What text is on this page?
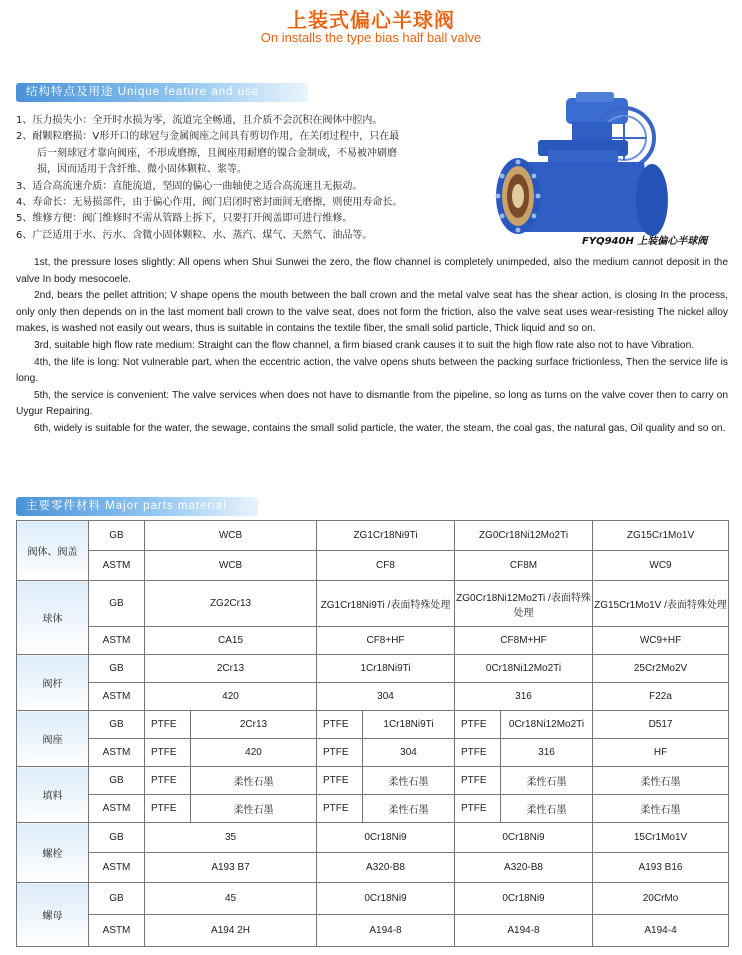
上装式偏心半球阀
On installs the type bias half ball valve
结构特点及用途 Unique feature and use
1、压力损失小：全开时水损为零，流道完全畅通，且介质不会沉积在阀体中腔内。
2、耐颗粒磨损：V形开口的球冠与金属阀座之间具有剪切作用，在关闭过程中，只在最
后一刻球冠才靠向阀座，不形成磨擦，且阀座用耐磨的镍合金制成，不易被冲刷磨
损，因而适用于含纤维、微小固体颗粒、浆等。
3、适合高流速介质：直能流道，坚固的偏心一曲轴使之适合高流速且无振动。
4、寿命长：无易损部件，由于偏心作用，阀门启闭时密封面间无磨擦，则使用寿命长。
5、维修方便：阀门维修时不需从管路上拆下，只要打开阀盖即可进行维修。
6、广泛适用于水、污水、含微小固体颗粒、水、蒸汽、煤气、天然气、油品等。
FYQ940H 上装偏心半球阀

1st, the pressure loses slightly: All opens when Shui Sunwei the zero, the flow channel is completely unimpeded, also the medium cannot deposit in the valve In body mesocoele.

2nd, bears the pellet attrition; V shape opens the mouth between the ball crown and the metal valve seat has the shear action, is closing In the process, only only then depends on in the last moment ball crown to the valve seat, does not form the friction, also the valve seat uses wear-resisting The nickel alloy makes, is washed not easily out wears, thus is suitable in contains the textile fiber, the small solid particle, Thick liquid and so on.

3rd, suitable high flow rate medium: Straight can the flow channel, a firm biased crank causes it to suit the high flow rate also not to have Vibration.

4th, the life is long: Not vulnerable part, when the eccentric action, the valve opens shuts between the packing surface frictionless, Then the service life is long.

5th, the service is convenient: The valve services when does not have to dismantle from the pipeline, so long as turns on the valve cover then to carry on Uygur Repairing.

6th, widely is suitable for the water, the sewage, contains the small solid particle, the water, the steam, the coal gas, the natural gas, Oil quality and so on.

主要零件材料 Major parts material
阀体、阀盖	GB	WCB		ZG1Cr18Ni9Ti		ZG0Cr18Ni12Mo2Ti		ZG15Cr1Mo1V
	ASTM	WCB		CF8		CF8M		WC9
球体	GB	ZG2Cr13		ZG1Cr18Ni9Ti /表面特殊处理		ZG0Cr18Ni12Mo2Ti /表面特殊处理		ZG15Cr1Mo1V /表面特殊处理
	ASTM	CA15		CF8+HF		CF8M+HF		WC9+HF
阀杆	GB	2Cr13		1Cr18Ni9Ti		0Cr18Ni12Mo2Ti		25Cr2Mo2V
	ASTM	420		304		316		F22a
阀座	GB	PTFE	2Cr13	PTFE	1Cr18Ni9Ti	PTFE	0Cr18Ni12Mo2Ti	D517
	ASTM	PTFE	420	PTFE	304	PTFE	316	HF
填料	GB	PTFE	柔性石墨	PTFE	柔性石墨	PTFE	柔性石墨	柔性石墨
	ASTM	PTFE	柔性石墨	PTFE	柔性石墨	PTFE	柔性石墨	柔性石墨
螺栓	GB	35		0Cr18Ni9		0Cr18Ni9		15Cr1Mo1V
	ASTM	A193 B7		A320-B8		A320-B8		A193 B16
螺母	GB	45		0Cr18Ni9		0Cr18Ni9		20CrMo
	ASTM	A194 2H		A194-8		A194-8		A194-4
